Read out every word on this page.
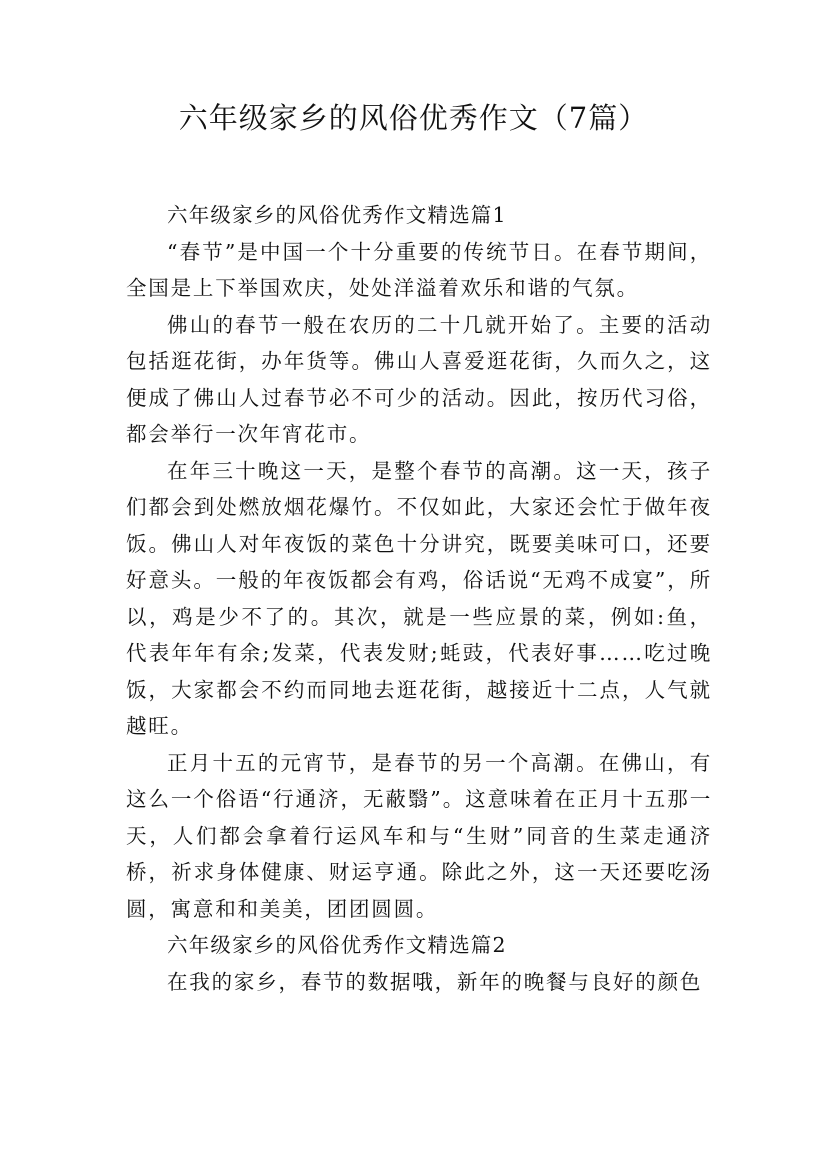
六年级家乡的风俗优秀作文（7篇）

六年级家乡的风俗优秀作文精选篇1

“春节”是中国一个十分重要的传统节日。在春节期间，全国是上下举国欢庆，处处洋溢着欢乐和谐的气氛。

佛山的春节一般在农历的二十几就开始了。主要的活动包括逛花街，办年货等。佛山人喜爱逛花街，久而久之，这便成了佛山人过春节必不可少的活动。因此，按历代习俗，都会举行一次年宵花市。

在年三十晚这一天，是整个春节的高潮。这一天，孩子们都会到处燃放烟花爆竹。不仅如此，大家还会忙于做年夜饭。佛山人对年夜饭的菜色十分讲究，既要美味可口，还要好意头。一般的年夜饭都会有鸡，俗话说“无鸡不成宴”，所以，鸡是少不了的。其次，就是一些应景的菜，例如:鱼，代表年年有余;发菜，代表发财;蚝豉，代表好事……吃过晚饭，大家都会不约而同地去逛花街，越接近十二点，人气就越旺。

正月十五的元宵节，是春节的另一个高潮。在佛山，有这么一个俗语“行通济，无蔽翳”。这意味着在正月十五那一天，人们都会拿着行运风车和与“生财”同音的生菜走通济桥，祈求身体健康、财运亨通。除此之外，这一天还要吃汤圆，寓意和和美美，团团圆圆。

六年级家乡的风俗优秀作文精选篇2

在我的家乡，春节的数据哦，新年的晚餐与良好的颜色
